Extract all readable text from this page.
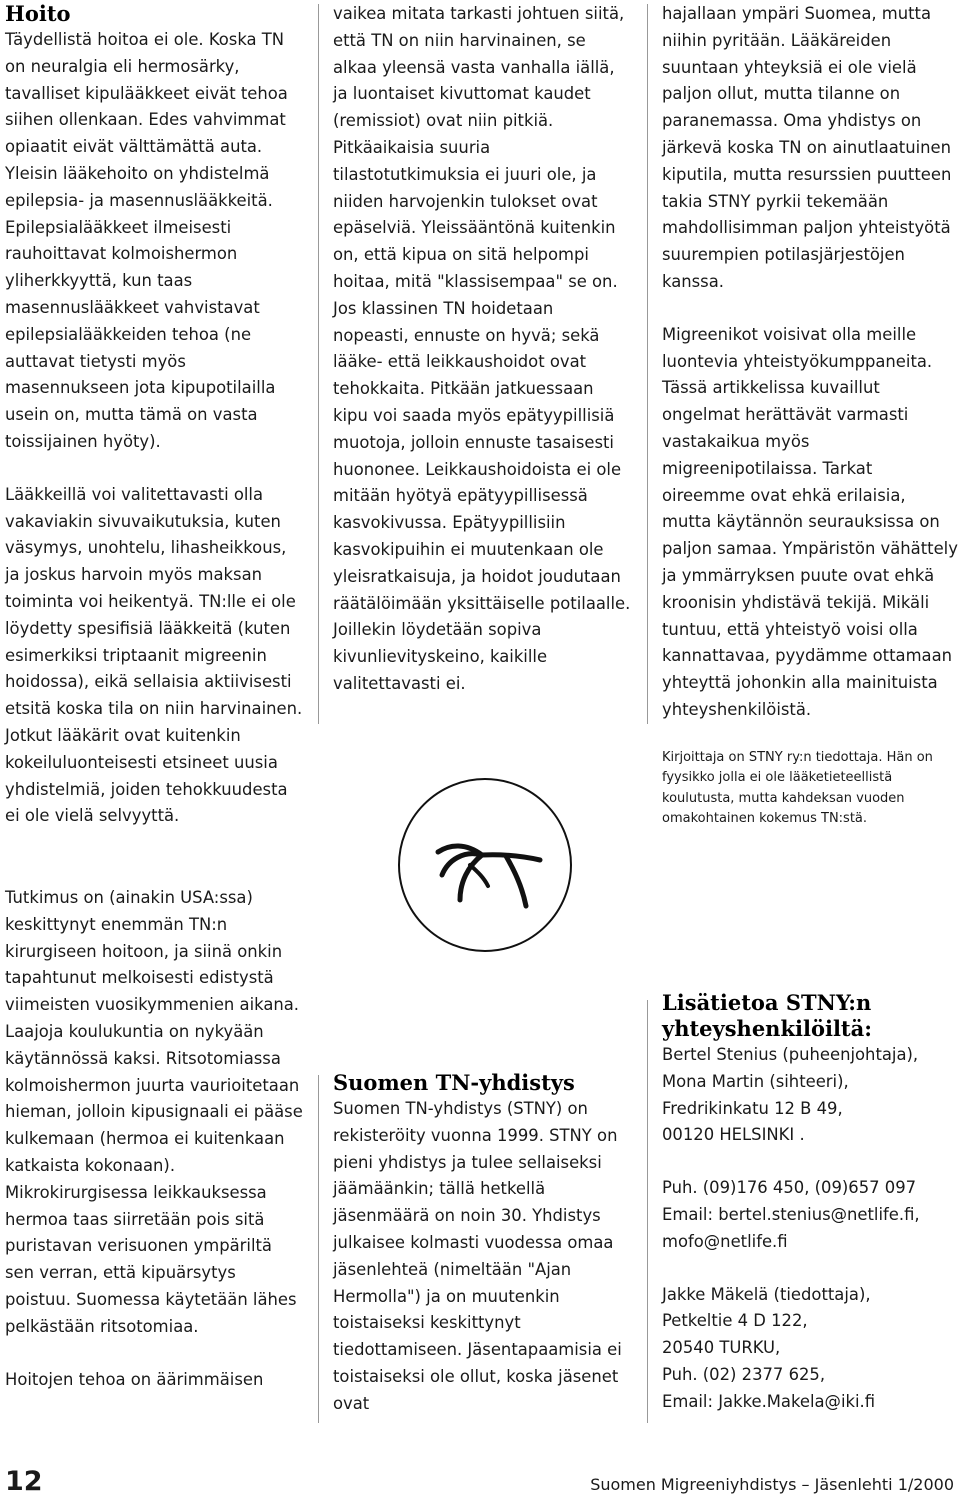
Hoito

Täydellistä hoitoa ei ole. Koska TN on neuralgia eli hermosärky, tavalliset kipulääkkeet eivät tehoa siihen ollenkaan. Edes vahvimmat opiaatit eivät välttämättä auta. Yleisin lääkehoito on yhdistelmä epilepsia- ja masennuslääkkeitä. Epilepsialääkkeet ilmeisesti rauhoittavat kolmoishermon yliherkkyyttä, kun taas masennuslääkkeet vahvistavat epilepsialääkkeiden tehoa (ne auttavat tietysti myös masennukseen jota kipupotilailla usein on, mutta tämä on vasta toissijainen hyöty).

Lääkkeillä voi valitettavasti olla vakaviakin sivuvaikutuksia, kuten väsymys, unohtelu, lihasheikkous, ja joskus harvoin myös maksan toiminta voi heikentyä. TN:lle ei ole löydetty spesifisiä lääkkeitä (kuten esimerkiksi triptaanit migreenin hoidossa), eikä sellaisia aktiivisesti etsitä koska tila on niin harvinainen. Jotkut lääkärit ovat kuitenkin kokeiluluonteisesti etsineet uusia yhdistelmiä, joiden tehokkuudesta ei ole vielä selvyyttä.

Tutkimus on (ainakin USA:ssa) keskittynyt enemmän TN:n kirurgiseen hoitoon, ja siinä onkin tapahtunut melkoisesti edistystä viimeisten vuosikymmenien aikana. Laajoja koulukuntia on nykyään käytännössä kaksi. Ritsotomiassa kolmoishermon juurta vaurioitetaan hieman, jolloin kipusignaali ei pääse kulkemaan (hermoa ei kuitenkaan katkaista kokonaan). Mikrokirurgisessa leikkauksessa hermoa taas siirretään pois sitä puristavan verisuonen ympäriltä sen verran, että kipuärsytys poistuu. Suomessa käytetään lähes pelkästään ritsotomiaa.

Hoitojen tehoa on äärimmäisen

vaikea mitata tarkasti johtuen siitä, että TN on niin harvinainen, se alkaa yleensä vasta vanhalla iällä, ja luontaiset kivuttomat kaudet (remissiot) ovat niin pitkiä. Pitkäaikaisia suuria tilastotutkimuksia ei juuri ole, ja niiden harvojenkin tulokset ovat epäselviä. Yleissääntönä kuitenkin on, että kipua on sitä helpompi hoitaa, mitä "klassisempaa" se on. Jos klassinen TN hoidetaan nopeasti, ennuste on hyvä; sekä lääke- että leikkaushoidot ovat tehokkaita. Pitkään jatkuessaan kipu voi saada myös epätyypillisiä muotoja, jolloin ennuste tasaisesti huononee. Leikkaushoidoista ei ole mitään hyötyä epätyypillisessä kasvokivussa. Epätyypillisiin kasvokipuihin ei muutenkaan ole yleisratkaisuja, ja hoidot joudutaan räätälöimään yksittäiselle potilaalle. Joillekin löydetään sopiva kivunlievityskeino, kaikille valitettavasti ei.

Suomen TN-yhdistys

Suomen TN-yhdistys (STNY) on rekisteröity vuonna 1999. STNY on pieni yhdistys ja tulee sellaiseksi jäämäänkin; tällä hetkellä jäsenmäärä on noin 30. Yhdistys julkaisee kolmasti vuodessa omaa jäsenlehteä (nimeltään "Ajan Hermolla") ja on muutenkin toistaiseksi keskittynyt tiedottamiseen. Jäsentapaamisia ei toistaiseksi ole ollut, koska jäsenet ovat

hajallaan ympäri Suomea, mutta niihin pyritään. Lääkäreiden suuntaan yhteyksiä ei ole vielä paljon ollut, mutta tilanne on paranemassa. Oma yhdistys on järkevä koska TN on ainutlaatuinen kiputila, mutta resurssien puutteen takia STNY pyrkii tekemään mahdollisimman paljon yhteistyötä suurempien potilasjärjestöjen kanssa.

Migreenikot voisivat olla meille luontevia yhteistyökumppaneita. Tässä artikkelissa kuvaillut ongelmat herättävät varmasti vastakaikua myös migreenipotilaissa. Tarkat oireemme ovat ehkä erilaisia, mutta käytännön seurauksissa on paljon samaa. Ympäristön vähättely ja ymmärryksen puute ovat ehkä kroonisin yhdistävä tekijä. Mikäli tuntuu, että yhteistyö voisi olla kannattavaa, pyydämme ottamaan yhteyttä johonkin alla mainituista yhteyshenkilöistä.

Kirjoittaja on STNY ry:n tiedottaja. Hän on fyysikko jolla ei ole lääketieteellistä koulutusta, mutta kahdeksan vuoden omakohtainen kokemus TN:stä.

Lisätietoa STNY:n yhteyshenkilöiltä:

Bertel Stenius (puheenjohtaja),

Mona Martin (sihteeri),

Fredrikinkatu 12 B 49,

00120 HELSINKI .

Puh. (09)176 450, (09)657 097

Email: bertel.stenius@netlife.fi,

mofo@netlife.fi

Jakke Mäkelä (tiedottaja),

Petkeltie 4 D 122,

20540 TURKU,

Puh. (02) 2377 625,

Email: Jakke.Makela@iki.fi

12	Suomen Migreeniyhdistys – Jäsenlehti 1/2000
